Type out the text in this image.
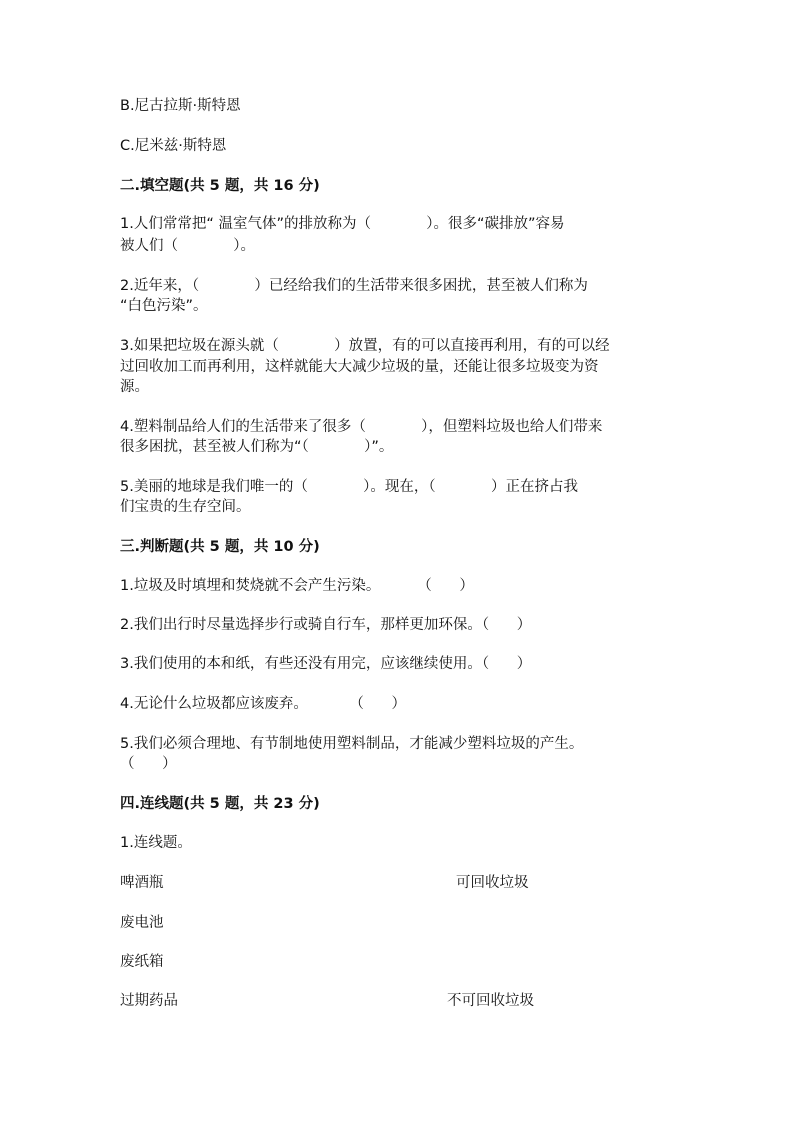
B.尼古拉斯·斯特恩
C.尼米兹·斯特恩
二.填空题(共 5 题，共 16 分)
1.人们常常把“ 温室气体”的排放称为（            ）。很多“碳排放”容易
被人们（            ）。
2.近年来，（            ）已经给我们的生活带来很多困扰，甚至被人们称为
“白色污染”。
3.如果把垃圾在源头就（            ）放置，有的可以直接再利用，有的可以经
过回收加工而再利用，这样就能大大减少垃圾的量，还能让很多垃圾变为资
源。
4.塑料制品给人们的生活带来了很多（            ），但塑料垃圾也给人们带来
很多困扰，甚至被人们称为“（            ）”。
5.美丽的地球是我们唯一的（            ）。现在，（            ）正在挤占我
们宝贵的生存空间。
三.判断题(共 5 题，共 10 分)
1.垃圾及时填埋和焚烧就不会产生污染。        （      ）
2.我们出行时尽量选择步行或骑自行车，那样更加环保。（      ）
3.我们使用的本和纸，有些还没有用完，应该继续使用。（      ）
4.无论什么垃圾都应该废弃。         （      ）
5.我们必须合理地、有节制地使用塑料制品，才能减少塑料垃圾的产生。
（      ）
四.连线题(共 5 题，共 23 分)
1.连线题。
啤酒瓶	可回收垃圾
废电池
废纸箱
过期药品	不可回收垃圾
